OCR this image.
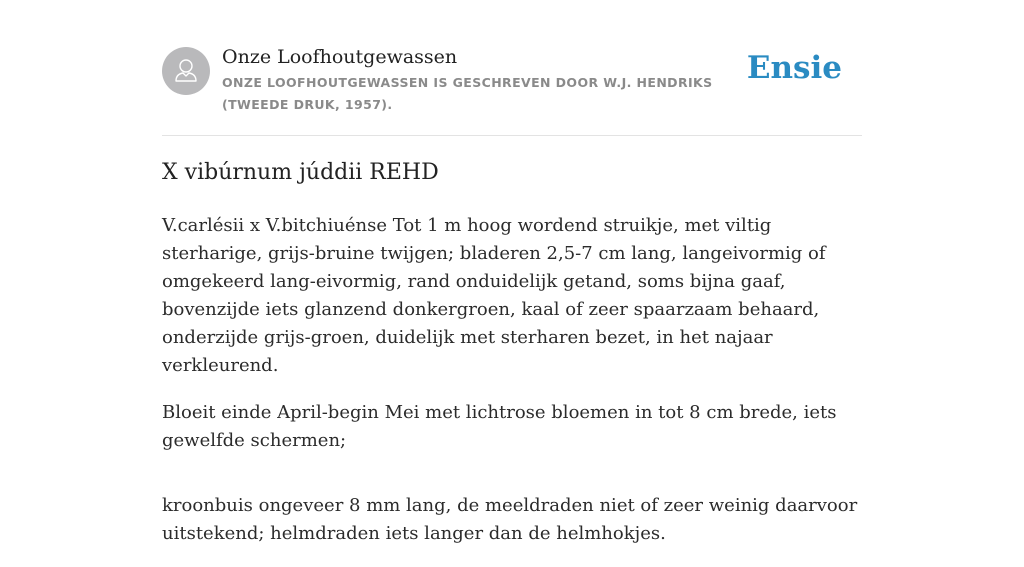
Onze Loofhoutgewassen
ONZE LOOFHOUTGEWASSEN IS GESCHREVEN DOOR W.J. HENDRIKS (TWEEDE DRUK, 1957).
Ensie
X vibúrnum júddii REHD

V.carlésii x V.bitchiuénse Tot 1 m hoog wordend struikje, met viltig sterharige, grijs-bruine twijgen; bladeren 2,5-7 cm lang, langeivormig of omgekeerd lang-eivormig, rand onduidelijk getand, soms bijna gaaf, bovenzijde iets glanzend donkergroen, kaal of zeer spaarzaam behaard, onderzijde grijs-groen, duidelijk met sterharen bezet, in het najaar verkleurend.

Bloeit einde April-begin Mei met lichtrose bloemen in tot 8 cm brede, iets gewelfde schermen;

kroonbuis ongeveer 8 mm lang, de meeldraden niet of zeer weinig daarvoor uitstekend; helmdraden iets langer dan de helmhokjes.
